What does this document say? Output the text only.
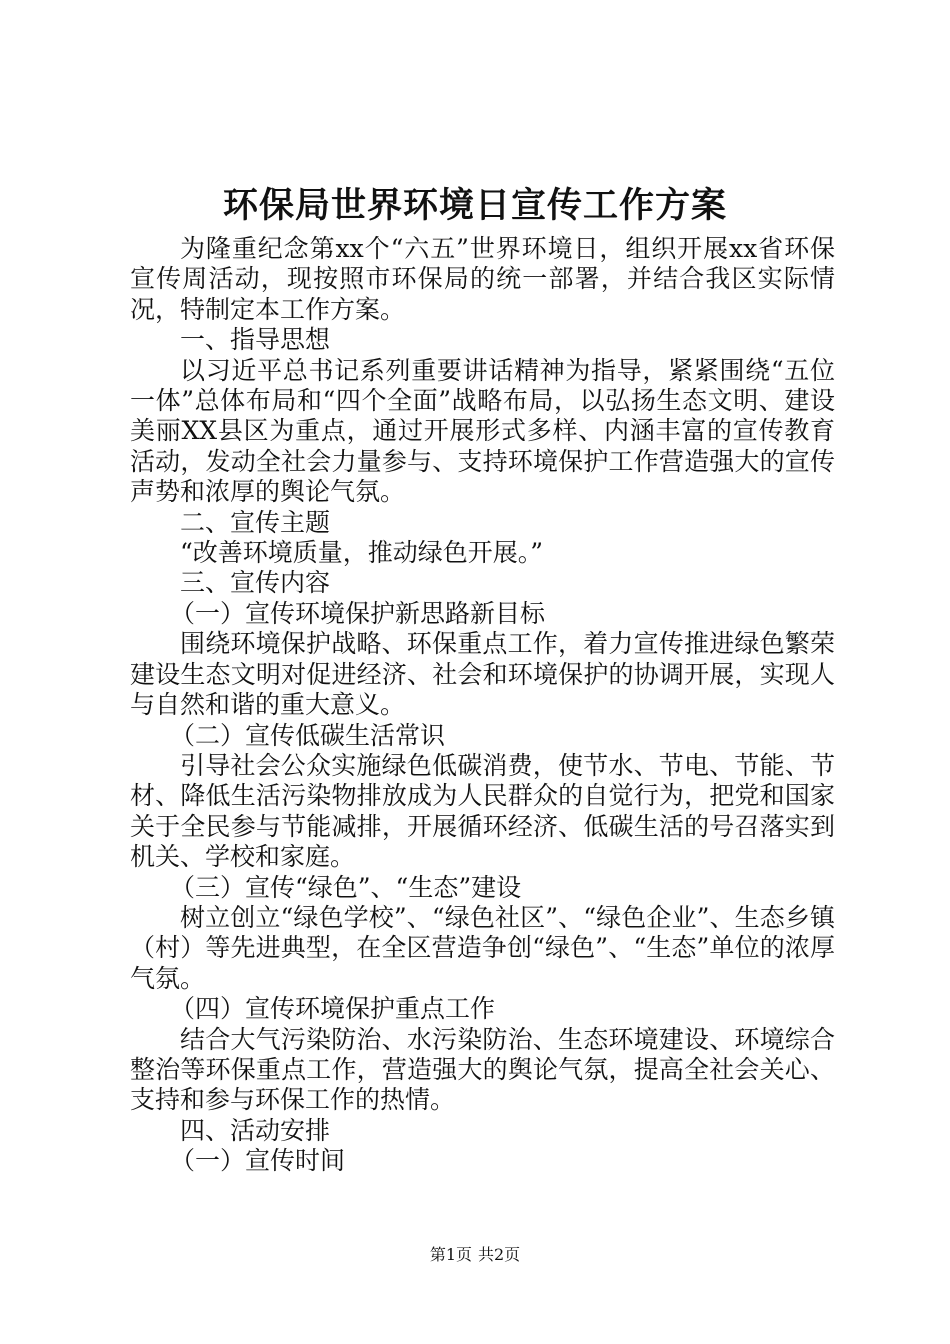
环保局世界环境日宣传工作方案

为隆重纪念第xx个“六五”世界环境日，组织开展xx省环保宣传周活动，现按照市环保局的统一部署，并结合我区实际情况，特制定本工作方案。

一、指导思想

以习近平总书记系列重要讲话精神为指导，紧紧围绕“五位一体”总体布局和“四个全面”战略布局，以弘扬生态文明、建设美丽XX县区为重点，通过开展形式多样、内涵丰富的宣传教育活动，发动全社会力量参与、支持环境保护工作营造强大的宣传声势和浓厚的舆论气氛。

二、宣传主题

“改善环境质量，推动绿色开展。”

三、宣传内容

（一）宣传环境保护新思路新目标

围绕环境保护战略、环保重点工作，着力宣传推进绿色繁荣建设生态文明对促进经济、社会和环境保护的协调开展，实现人与自然和谐的重大意义。

（二）宣传低碳生活常识

引导社会公众实施绿色低碳消费，使节水、节电、节能、节材、降低生活污染物排放成为人民群众的自觉行为，把党和国家关于全民参与节能减排，开展循环经济、低碳生活的号召落实到机关、学校和家庭。

（三）宣传“绿色”、“生态”建设

树立创立“绿色学校”、“绿色社区”、“绿色企业”、生态乡镇（村）等先进典型，在全区营造争创“绿色”、“生态”单位的浓厚气氛。

（四）宣传环境保护重点工作

结合大气污染防治、水污染防治、生态环境建设、环境综合整治等环保重点工作，营造强大的舆论气氛，提高全社会关心、支持和参与环保工作的热情。

四、活动安排

（一）宣传时间

第1页 共2页
